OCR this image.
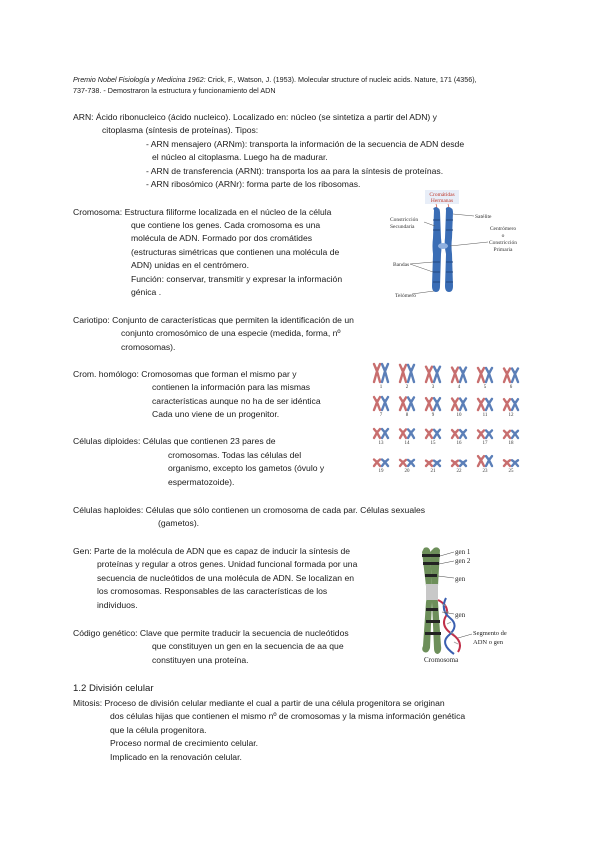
Premio Nobel Fisiología y Medicina 1962: Crick, F., Watson, J. (1953). Molecular structure of nucleic acids. Nature, 171 (4356),
737-738. - Demostraron la estructura y funcionamiento del ADN
ARN: Ácido ribonucleico (ácido nucleico). Localizado en: núcleo (se sintetiza a partir del ADN) y
citoplasma (síntesis de proteínas). Tipos:
- ARN mensajero (ARNm): transporta la información de la secuencia de ADN desde
el núcleo al citoplasma. Luego ha de madurar.
- ARN de transferencia (ARNt): transporta los aa para la síntesis de proteínas.
- ARN ribosómico (ARNr): forma parte de los ribosomas.
Cromosoma: Estructura filiforme localizada en el núcleo de la célula
que contiene los genes. Cada cromosoma es una
molécula de ADN. Formado por dos cromátides
(estructuras simétricas que contienen una molécula de
ADN) unidas en el centrómero.
Función: conservar, transmitir y expresar la información
génica .
Cromátidas
Hermanas
Satélite
Constricción
Secundaria	Centrómero
o
Constricción
Primaria
Bandas
Telómero
Cariotipo: Conjunto de características que permiten la identificación de un
conjunto cromosómico de una especie (medida, forma, nº
cromosomas).
Crom. homólogo: Cromosomas que forman el mismo par y
contienen la información para las mismas
características aunque no ha de ser idéntica
Cada uno viene de un progenitor.
1	2	3	4	5	6
7	8	9	10	11	12
13	14	15	16	17	18
19	20	21	22	23	25
Células diploides: Células que contienen 23 pares de
cromosomas. Todas las células del
organismo, excepto los gametos (óvulo y
espermatozoide).
Células haploides: Células que sólo contienen un cromosoma de cada par. Células sexuales
(gametos).
Gen: Parte de la molécula de ADN que es capaz de inducir la síntesis de
proteínas y regular a otros genes. Unidad funcional formada por una
secuencia de nucleótidos de una molécula de ADN. Se localizan en
los cromosomas. Responsables de las características de los
individuos.
Código genético: Clave que permite traducir la secuencia de nucleótidos
que constituyen un gen en la secuencia de aa que
constituyen una proteína.
gen 1
gen 2
gen
gen
Segmento de
ADN o gen
Cromosoma
1.2 División celular
Mitosis: Proceso de división celular mediante el cual a partir de una célula progenitora se originan
dos células hijas que contienen el mismo nº de cromosomas y la misma información genética
que la célula progenitora.
Proceso normal de crecimiento celular.
Implicado en la renovación celular.
